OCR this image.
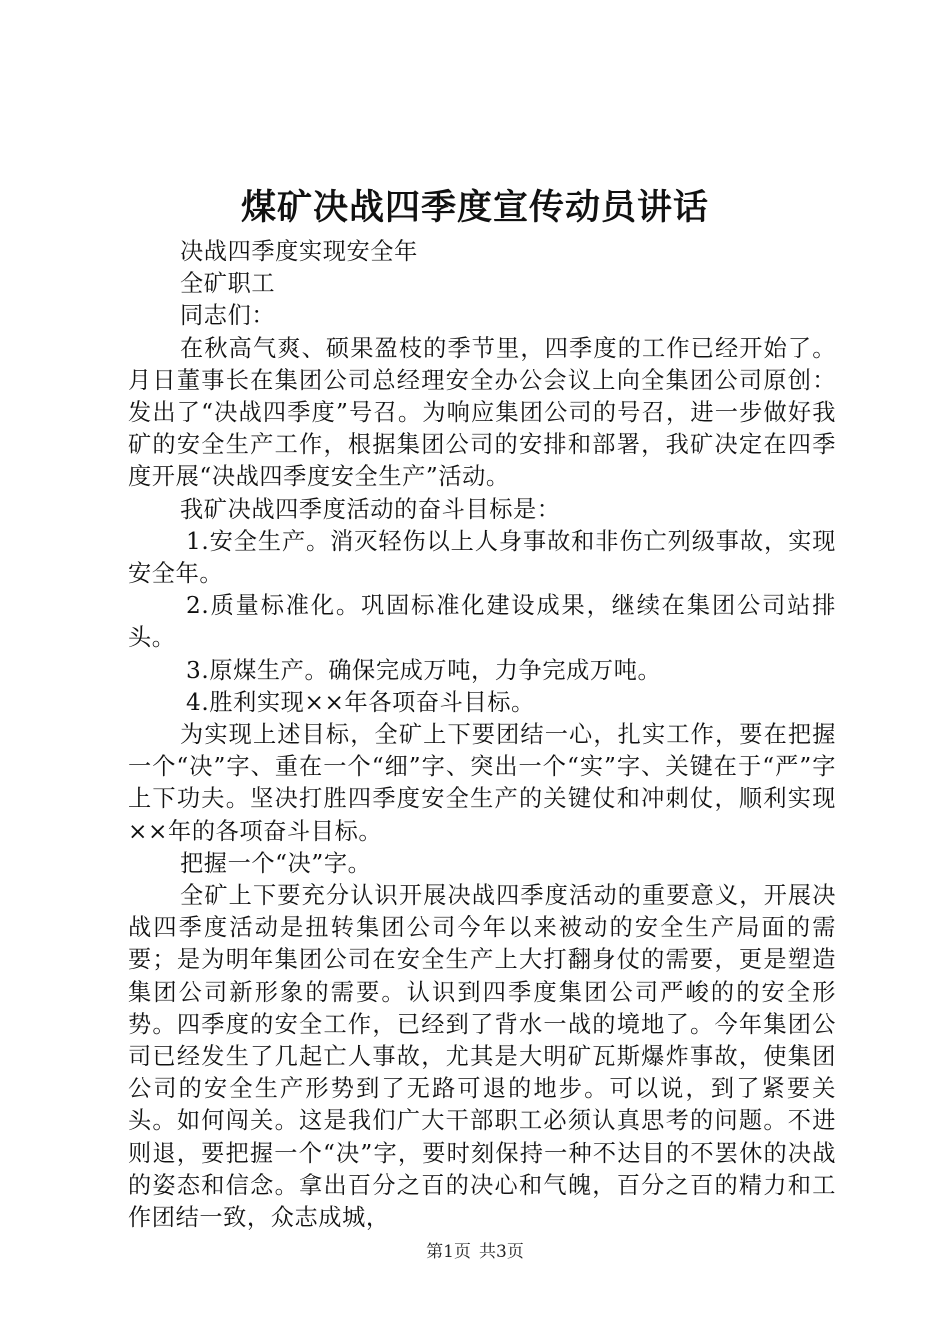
煤矿决战四季度宣传动员讲话

决战四季度实现安全年

全矿职工

同志们：

在秋高气爽、硕果盈枝的季节里，四季度的工作已经开始了。月日董事长在集团公司总经理安全办公会议上向全集团公司原创：发出了“决战四季度”号召。为响应集团公司的号召，进一步做好我矿的安全生产工作，根据集团公司的安排和部署，我矿决定在四季度开展“决战四季度安全生产”活动。

我矿决战四季度活动的奋斗目标是：

1.安全生产。消灭轻伤以上人身事故和非伤亡列级事故，实现安全年。

2.质量标准化。巩固标准化建设成果，继续在集团公司站排头。

3.原煤生产。确保完成万吨，力争完成万吨。

4.胜利实现××年各项奋斗目标。

为实现上述目标，全矿上下要团结一心，扎实工作，要在把握一个“决”字、重在一个“细”字、突出一个“实”字、关键在于“严”字上下功夫。坚决打胜四季度安全生产的关键仗和冲刺仗，顺利实现××年的各项奋斗目标。

把握一个“决”字。

全矿上下要充分认识开展决战四季度活动的重要意义，开展决战四季度活动是扭转集团公司今年以来被动的安全生产局面的需要；是为明年集团公司在安全生产上大打翻身仗的需要，更是塑造集团公司新形象的需要。认识到四季度集团公司严峻的的安全形势。四季度的安全工作，已经到了背水一战的境地了。今年集团公司已经发生了几起亡人事故，尤其是大明矿瓦斯爆炸事故，使集团公司的安全生产形势到了无路可退的地步。可以说，到了紧要关头。如何闯关。这是我们广大干部职工必须认真思考的问题。不进则退，要把握一个“决”字，要时刻保持一种不达目的不罢休的决战的姿态和信念。拿出百分之百的决心和气魄，百分之百的精力和工作团结一致，众志成城，

第1页 共3页
